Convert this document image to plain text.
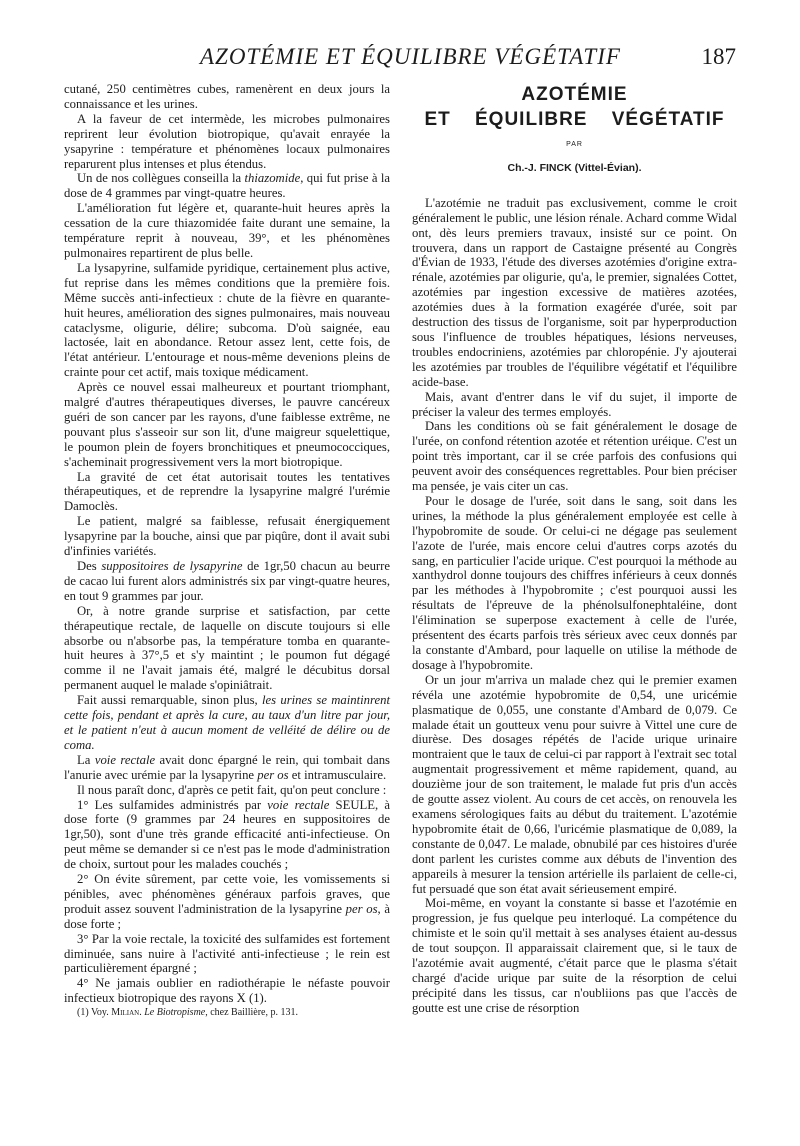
AZOTÉMIE ET ÉQUILIBRE VÉGÉTATIF	187

cutané, 250 centimètres cubes, ramenèrent en deux jours la connaissance et les urines.

A la faveur de cet intermède, les microbes pulmonaires reprirent leur évolution biotropique, qu'avait enrayée la ysapyrine : température et phénomènes locaux pulmonaires reparurent plus intenses et plus étendus.

Un de nos collègues conseilla la thiazomide, qui fut prise à la dose de 4 grammes par vingt-quatre heures.

L'amélioration fut légère et, quarante-huit heures après la cessation de la cure thiazomidée faite durant une semaine, la température reprit à nouveau, 39°, et les phénomènes pulmonaires repartirent de plus belle.

La lysapyrine, sulfamide pyridique, certainement plus active, fut reprise dans les mêmes conditions que la première fois. Même succès anti-infectieux : chute de la fièvre en quarante-huit heures, amélioration des signes pulmonaires, mais nouveau cataclysme, oligurie, délire; subcoma. D'où saignée, eau lactosée, lait en abondance. Retour assez lent, cette fois, de l'état antérieur. L'entourage et nous-même devenions pleins de crainte pour cet actif, mais toxique médicament.

Après ce nouvel essai malheureux et pourtant triomphant, malgré d'autres thérapeutiques diverses, le pauvre cancéreux guéri de son cancer par les rayons, d'une faiblesse extrême, ne pouvant plus s'asseoir sur son lit, d'une maigreur squelettique, le poumon plein de foyers bronchitiques et pneumococciques, s'acheminait progressivement vers la mort biotropique.

La gravité de cet état autorisait toutes les tentatives thérapeutiques, et de reprendre la lysapyrine malgré l'urémie Damoclès.

Le patient, malgré sa faiblesse, refusait énergiquement lysapyrine par la bouche, ainsi que par piqûre, dont il avait subi d'infinies variétés.

Des suppositoires de lysapyrine de 1gr,50 chacun au beurre de cacao lui furent alors administrés six par vingt-quatre heures, en tout 9 grammes par jour.

Or, à notre grande surprise et satisfaction, par cette thérapeutique rectale, de laquelle on discute toujours si elle absorbe ou n'absorbe pas, la température tomba en quarante-huit heures à 37°,5 et s'y maintint ; le poumon fut dégagé comme il ne l'avait jamais été, malgré le décubitus dorsal permanent auquel le malade s'opiniâtrait.

Fait aussi remarquable, sinon plus, les urines se maintinrent cette fois, pendant et après la cure, au taux d'un litre par jour, et le patient n'eut à aucun moment de velléité de délire ou de coma.

La voie rectale avait donc épargné le rein, qui tombait dans l'anurie avec urémie par la lysapyrine per os et intramusculaire.

Il nous paraît donc, d'après ce petit fait, qu'on peut conclure :

1° Les sulfamides administrés par voie rectale SEULE, à dose forte (9 grammes par 24 heures en suppositoires de 1gr,50), sont d'une très grande efficacité anti-infectieuse. On peut même se demander si ce n'est pas le mode d'administration de choix, surtout pour les malades couchés ;

2° On évite sûrement, par cette voie, les vomissements si pénibles, avec phénomènes généraux parfois graves, que produit assez souvent l'administration de la lysapyrine per os, à dose forte ;

3° Par la voie rectale, la toxicité des sulfamides est fortement diminuée, sans nuire à l'activité anti-infectieuse ; le rein est particulièrement épargné ;

4° Ne jamais oublier en radiothérapie le néfaste pouvoir infectieux biotropique des rayons X (1).

(1) Voy. Milian. Le Biotropisme, chez Baillière, p. 131.

AZOTÉMIE
ET ÉQUILIBRE VÉGÉTATIF
PAR
Ch.-J. FINCK (Vittel-Évian).

L'azotémie ne traduit pas exclusivement, comme le croit généralement le public, une lésion rénale. Achard comme Widal ont, dès leurs premiers travaux, insisté sur ce point. On trouvera, dans un rapport de Castaigne présenté au Congrès d'Évian de 1933, l'étude des diverses azotémies d'origine extra-rénale, azotémies par oligurie, qu'a, le premier, signalées Cottet, azotémies par ingestion excessive de matières azotées, azotémies dues à la formation exagérée d'urée, soit par destruction des tissus de l'organisme, soit par hyperproduction sous l'influence de troubles hépatiques, lésions nerveuses, troubles endocriniens, azotémies par chloropénie. J'y ajouterai les azotémies par troubles de l'équilibre végétatif et l'équilibre acide-base.

Mais, avant d'entrer dans le vif du sujet, il importe de préciser la valeur des termes employés.

Dans les conditions où se fait généralement le dosage de l'urée, on confond rétention azotée et rétention uréique. C'est un point très important, car il se crée parfois des confusions qui peuvent avoir des conséquences regrettables. Pour bien préciser ma pensée, je vais citer un cas.

Pour le dosage de l'urée, soit dans le sang, soit dans les urines, la méthode la plus généralement employée est celle à l'hypobromite de soude. Or celui-ci ne dégage pas seulement l'azote de l'urée, mais encore celui d'autres corps azotés du sang, en particulier l'acide urique. C'est pourquoi la méthode au xanthydrol donne toujours des chiffres inférieurs à ceux donnés par les méthodes à l'hypobromite ; c'est pourquoi aussi les résultats de l'épreuve de la phénolsulfonephtaléine, dont l'élimination se superpose exactement à celle de l'urée, présentent des écarts parfois très sérieux avec ceux donnés par la constante d'Ambard, pour laquelle on utilise la méthode de dosage à l'hypobromite.

Or un jour m'arriva un malade chez qui le premier examen révéla une azotémie hypobromite de 0,54, une uricémie plasmatique de 0,055, une constante d'Ambard de 0,079. Ce malade était un goutteux venu pour suivre à Vittel une cure de diurèse. Des dosages répétés de l'acide urique urinaire montraient que le taux de celui-ci par rapport à l'extrait sec total augmentait progressivement et même rapidement, quand, au douzième jour de son traitement, le malade fut pris d'un accès de goutte assez violent. Au cours de cet accès, on renouvela les examens sérologiques faits au début du traitement. L'azotémie hypobromite était de 0,66, l'uricémie plasmatique de 0,089, la constante de 0,047. Le malade, obnubilé par ces histoires d'urée dont parlent les curistes comme aux débuts de l'invention des appareils à mesurer la tension artérielle ils parlaient de celle-ci, fut persuadé que son état avait sérieusement empiré.

Moi-même, en voyant la constante si basse et l'azotémie en progression, je fus quelque peu interloqué. La compétence du chimiste et le soin qu'il mettait à ses analyses étaient au-dessus de tout soupçon. Il apparaissait clairement que, si le taux de l'azotémie avait augmenté, c'était parce que le plasma s'était chargé d'acide urique par suite de la résorption de celui précipité dans les tissus, car n'oubliions pas que l'accès de goutte est une crise de résorption
